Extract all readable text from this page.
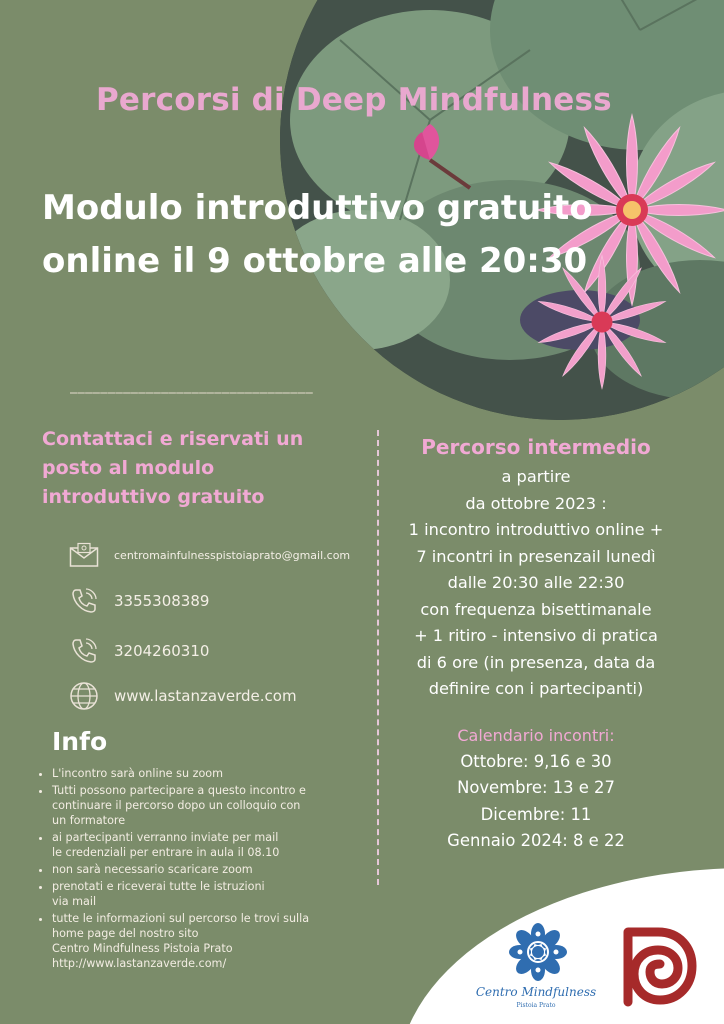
Percorsi di Deep Mindfulness
Modulo introduttivo gratuito online il 9 ottobre alle 20:30
________________________________
Contattaci e riservati un posto al modulo introduttivo gratuito
centromainfulnesspistoiaprato@gmail.com
3355308389
3204260310
www.lastanzaverde.com
Info
• L'incontro sarà online su zoom
• Tutti possono partecipare a questo incontro e
continuare il percorso dopo un colloquio con
un formatore
• ai partecipanti verranno inviate per mail
le credenziali per entrare in aula il 08.10
• non sarà necessario scaricare zoom
• prenotati e riceverai tutte le istruzioni
via mail
• tutte le informazioni sul percorso le trovi sulla
home page del nostro sito
Centro Mindfulness Pistoia Prato
http://www.lastanzaverde.com/
Percorso intermedio
a partire
da ottobre 2023 :
1 incontro introduttivo online +
7 incontri in presenzail lunedì
dalle 20:30 alle 22:30
con frequenza bisettimanale
+ 1 ritiro - intensivo di pratica
di 6 ore (in presenza, data da
definire con i partecipanti)
Calendario incontri:
Ottobre: 9,16 e 30
Novembre: 13 e 27
Dicembre: 11
Gennaio 2024: 8 e 22
Centro Mindfulness
Pistoia Prato
